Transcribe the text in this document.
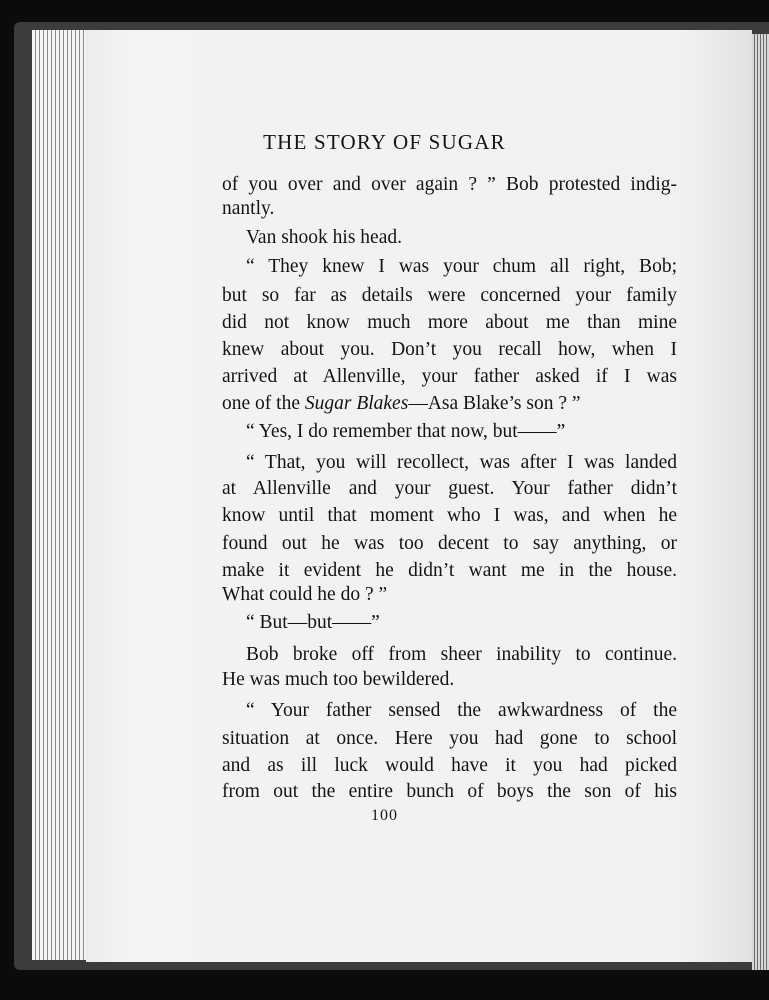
THE STORY OF SUGAR

of you over and over again ? ” Bob protested indig-

nantly.

Van shook his head.

“ They knew I was your chum all right, Bob;

but so far as details were concerned your family

did not know much more about me than mine

knew about you. Don’t you recall how, when I

arrived at Allenville, your father asked if I was

one of the Sugar Blakes—Asa Blake’s son ? ”

“ Yes, I do remember that now, but——”

“ That, you will recollect, was after I was landed

at Allenville and your guest. Your father didn’t

know until that moment who I was, and when he

found out he was too decent to say anything, or

make it evident he didn’t want me in the house.

What could he do ? ”

“ But—but——”

Bob broke off from sheer inability to continue.

He was much too bewildered.

“ Your father sensed the awkwardness of the

situation at once. Here you had gone to school

and as ill luck would have it you had picked

from out the entire bunch of boys the son of his

100
